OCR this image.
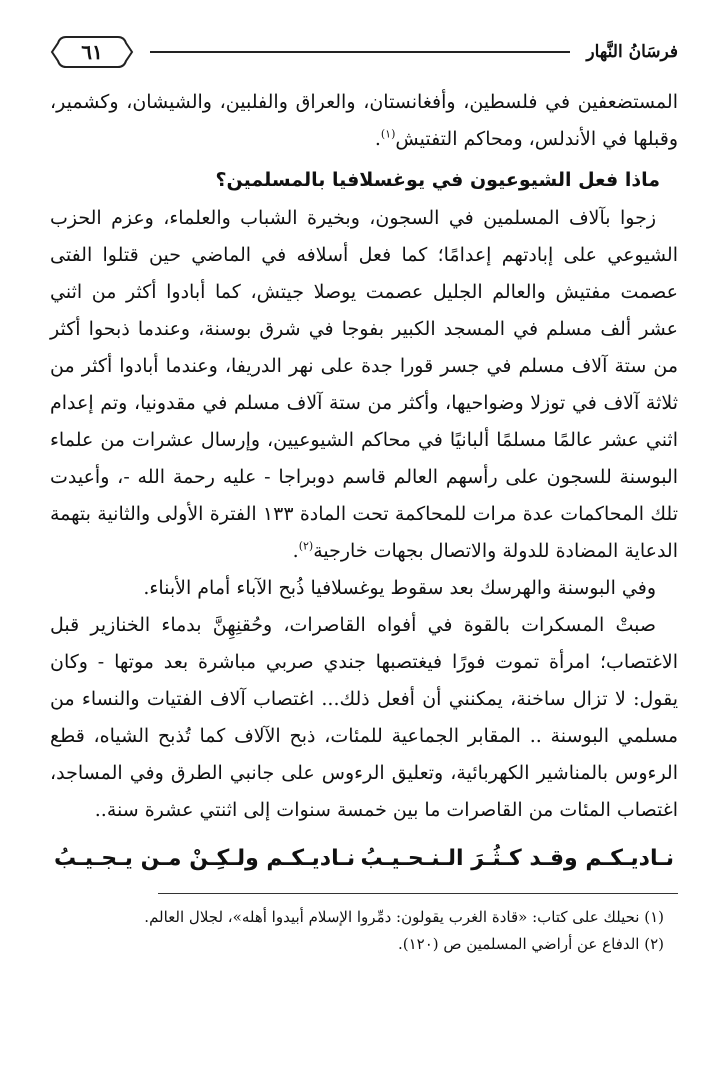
فرسَانُ النَّهار
٦١

المستضعفين في فلسطين، وأفغانستان، والعراق والفلبين، والشيشان، وكشمير، وقبلها في الأندلس، ومحاكم التفتيش$^{(١)}$.

ماذا فعل الشيوعيون في يوغسلافيا بالمسلمين؟

زجوا بآلاف المسلمين في السجون، وبخيرة الشباب والعلماء، وعزم الحزب الشيوعي على إبادتهم إعدامًا؛ كما فعل أسلافه في الماضي حين قتلوا الفتى عصمت مفتيش والعالم الجليل عصمت يوصلا جيتش، كما أبادوا أكثر من اثني عشر ألف مسلم في المسجد الكبير بفوجا في شرق بوسنة، وعندما ذبحوا أكثر من ستة آلاف مسلم في جسر قورا جدة على نهر الدريفا، وعندما أبادوا أكثر من ثلاثة آلاف في توزلا وضواحيها، وأكثر من ستة آلاف مسلم في مقدونيا، وتم إعدام اثني عشر عالمًا مسلمًا ألبانيًا في محاكم الشيوعيين، وإرسال عشرات من علماء البوسنة للسجون على رأسهم العالم قاسم دوبراجا - عليه رحمة الله -، وأعيدت تلك المحاكمات عدة مرات للمحاكمة تحت المادة ١٣٣ الفترة الأولى والثانية بتهمة الدعاية المضادة للدولة والاتصال بجهات خارجية$^{(٢)}$.

وفي البوسنة والهرسك بعد سقوط يوغسلافيا ذُبح الآباء أمام الأبناء.

صبتْ المسكرات بالقوة في أفواه القاصرات، وحُقنِهِنَّ بدماء الخنازير قبل الاغتصاب؛ امرأة تموت فورًا فيغتصبها جندي صربي مباشرة بعد موتها - وكان يقول: لا تزال ساخنة، يمكنني أن أفعل ذلك... اغتصاب آلاف الفتيات والنساء من مسلمي البوسنة .. المقابر الجماعية للمئات، ذبح الآلاف كما تُذبح الشياه، قطع الرءوس بالمناشير الكهربائية، وتعليق الرءوس على جانبي الطرق وفي المساجد، اغتصاب المئات من القاصرات ما بين خمسة سنوات إلى اثنتي عشرة سنة..

نـاديـكـم وقـد كـثُـرَ الـنـحـيـبُ
نـاديـكـم ولـكِـنْ مـن يـجـيـبُ

(١) نحيلك على كتاب: «قادة الغرب يقولون: دمِّروا الإسلام أبيدوا أهله»، لجلال العالم.

(٢) الدفاع عن أراضي المسلمين ص (١٢٠).
